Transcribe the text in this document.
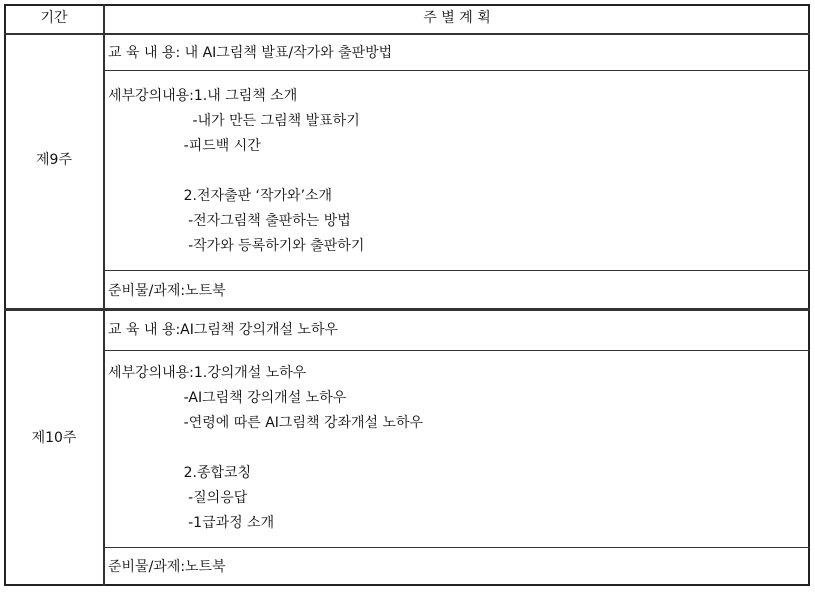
기간	주 별 계 획
제9주
교 육 내 용: 내 AI그림책 발표/작가와 출판방법
세부강의내용:1.내 그림책 소개
-내가 만든 그림책 발표하기
-피드백 시간
2.전자출판 ‘작가와’소개
-전자그림책 출판하는 방법
-작가와 등록하기와 출판하기
준비물/과제:노트북
제10주
교 육 내 용:AI그림책 강의개설 노하우
세부강의내용:1.강의개설 노하우
-AI그림책 강의개설 노하우
-연령에 따른 AI그림책 강좌개설 노하우
2.종합코칭
-질의응답
-1급과정 소개
준비물/과제:노트북
